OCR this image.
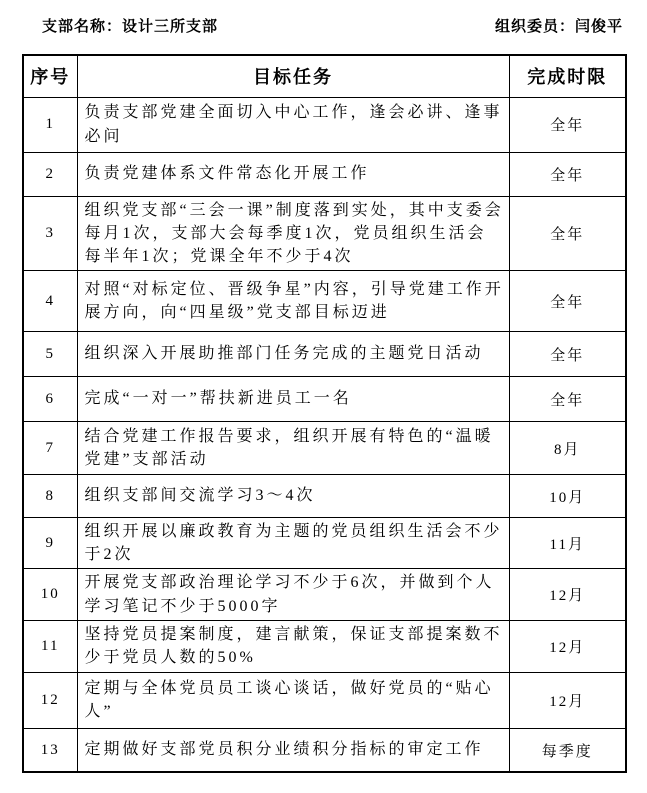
支部名称：设计三所支部	组织委员：闫俊平
序号	目标任务	完成时限
1	负责支部党建全面切入中心工作，逢会必讲、逢事必问	全年
2	负责党建体系文件常态化开展工作	全年
3	组织党支部“三会一课”制度落到实处，其中支委会每月1次，支部大会每季度1次，党员组织生活会每半年1次；党课全年不少于4次	全年
4	对照“对标定位、晋级争星”内容，引导党建工作开展方向，向“四星级”党支部目标迈进	全年
5	组织深入开展助推部门任务完成的主题党日活动	全年
6	完成“一对一”帮扶新进员工一名	全年
7	结合党建工作报告要求，组织开展有特色的“温暖党建”支部活动	8月
8	组织支部间交流学习3～4次	10月
9	组织开展以廉政教育为主题的党员组织生活会不少于2次	11月
10	开展党支部政治理论学习不少于6次，并做到个人学习笔记不少于5000字	12月
11	坚持党员提案制度，建言献策，保证支部提案数不少于党员人数的50%	12月
12	定期与全体党员员工谈心谈话，做好党员的“贴心人”	12月
13	定期做好支部党员积分业绩积分指标的审定工作	每季度
